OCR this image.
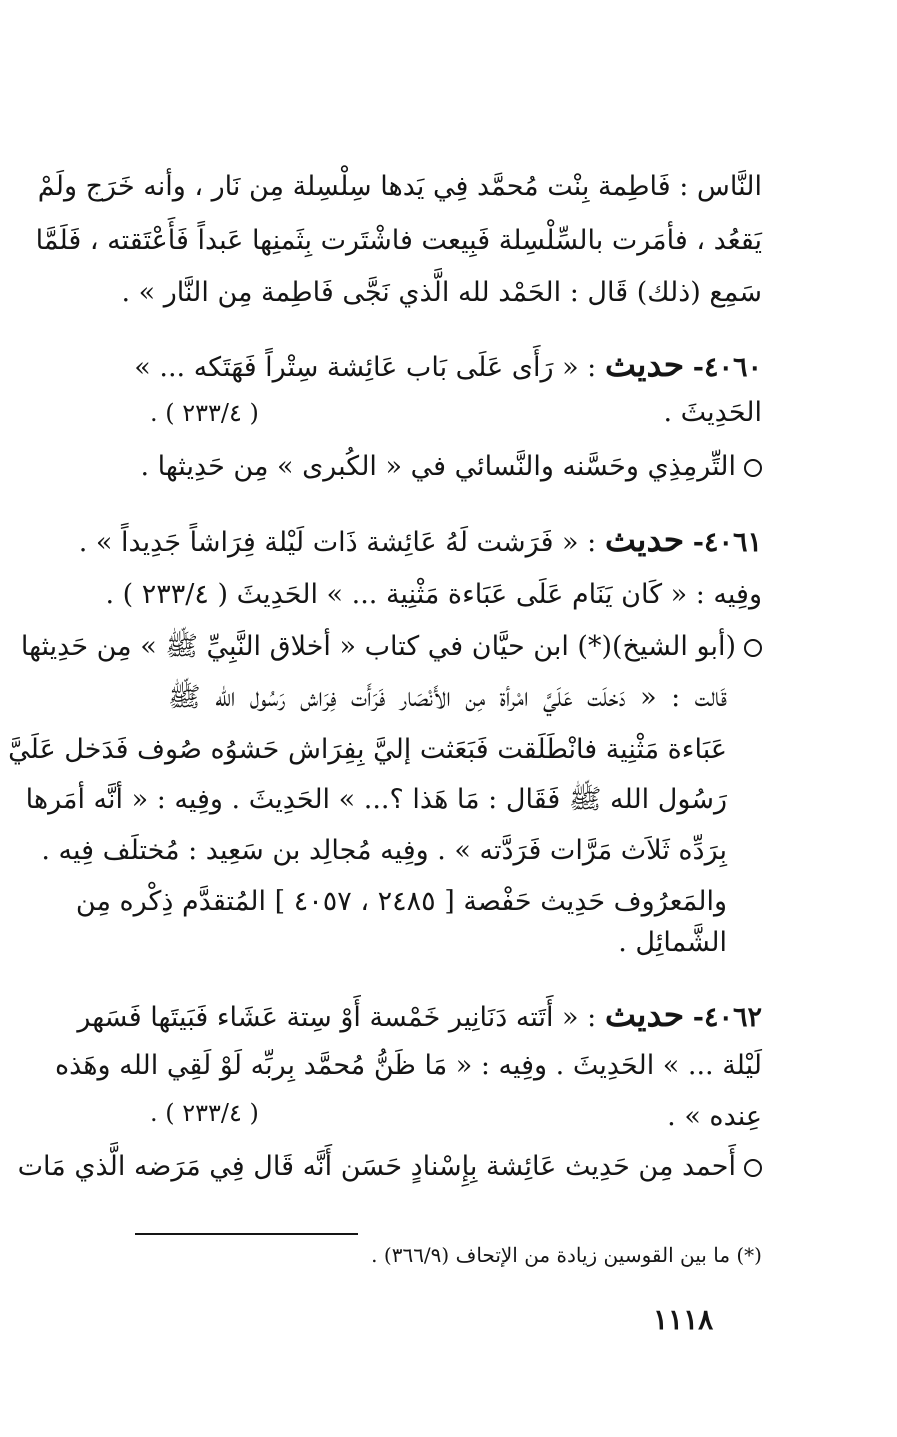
النَّاس : فَاطِمة بِنْت مُحمَّد فِي يَدها سِلْسِلة مِن نَار ، وأنه خَرَج ولَمْ
يَقعُد ، فأمَرت بالسِّلْسِلة فَبِيعت فاشْتَرت بِثَمنِها عَبداً فَأَعْتَقته ، فَلَمَّا
سَمِع (ذلك) قَال : الحَمْد لله الَّذي نَجَّى فَاطِمة مِن النَّار » .
٤٠٦٠- حديث : « رَأَى عَلَى بَاب عَائِشة سِتْراً فَهَتَكه ... »
الحَدِيثَ .
( ٢٣٣/٤ ) .
التِّرمِذِي وحَسَّنه والنَّسائي في « الكُبرى » مِن حَدِيثها .
٤٠٦١- حديث : « فَرَشت لَهُ عَائِشة ذَات لَيْلة فِرَاشاً جَدِيداً » .
وفِيه : « كَان يَنَام عَلَى عَبَاءة مَثْنِية ... » الحَدِيثَ ( ٢٣٣/٤ ) .
(أبو الشيخ)(*) ابن حيَّان في كتاب « أخلاق النَّبِيِّ ﷺ » مِن حَدِيثها
قَالت : « دَخلَت عَلَيَّ امْرأة مِن الأَنْصَار فَرَأَت فِرَاش رَسُول الله ﷺ
عَبَاءة مَثْنِية فانْطَلَقت فَبَعَثت إليَّ بِفِرَاش حَشوُه صُوف فَدَخل عَلَيَّ
رَسُول الله ﷺ فَقَال : مَا هَذا ؟... » الحَدِيثَ . وفِيه : « أنَّه أمَرها
بِرَدِّه ثَلاَث مَرَّات فَرَدَّته » . وفِيه مُجالِد بن سَعِيد : مُختلَف فِيه .
والمَعرُوف حَدِيث حَفْصة [ ٢٤٨٥ ، ٤٠٥٧ ] المُتقدَّم ذِكْره مِن
الشَّمائِل .
٤٠٦٢- حديث : « أَتَته دَنَانِير خَمْسة أَوْ سِتة عَشَاء فَبَيتَها فَسَهر
لَيْلة ... » الحَدِيثَ . وفِيه : « مَا ظَنُّ مُحمَّد بِربِّه لَوْ لَقِي الله وهَذه
عِنده » .
( ٢٣٣/٤ ) .
أَحمد مِن حَدِيث عَائِشة بِإِسْنادٍ حَسَن أَنَّه قَال فِي مَرَضه الَّذي مَات
(*) ما بين القوسين زيادة من الإتحاف (٣٦٦/٩) .
١١١٨
